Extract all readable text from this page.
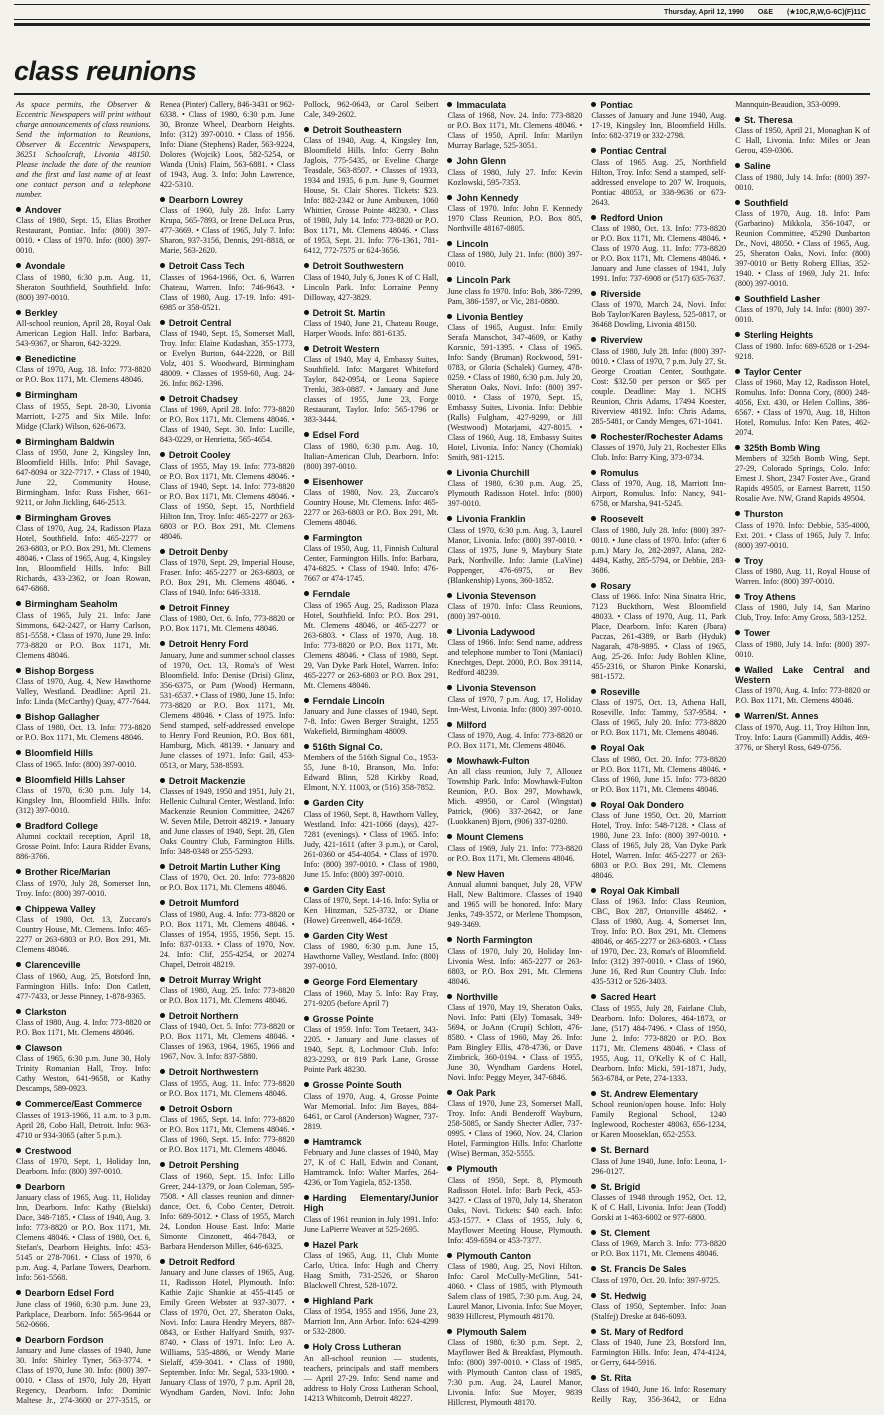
Thursday, April 12, 1990 O&E (★10C,R,W,G-6C)(F)11C
class reunions

As space permits, the Observer & Eccentric Newspapers will print without charge announcements of class reunions. Send the information to Reunions, Observer & Eccentric Newspapers, 36251 Schoolcraft, Livonia 48150. Please include the date of the reunion and the first and last name of at least one contact person and a telephone number.

Andover

Class of 1980, Sept. 15, Elias Brother Restaurant, Pontiac. Info: (800) 397-0010. • Class of 1970. Info: (800) 397-0010.

Avondale

Class of 1980, 6:30 p.m. Aug. 11, Sheraton Southfield, Southfield. Info: (800) 397-0010.

Berkley

All-school reunion, April 28, Royal Oak American Legion Hall. Info: Barbara, 543-9367, or Sharon, 642-3229.

Benedictine

Class of 1970, Aug. 18. Info: 773-8820 or P.O. Box 1171, Mt. Clemens 48046.

Birmingham

Class of 1955, Sept. 28-30, Livonia Marriott, I-275 and Six Mile. Info: Midge (Clark) Wilson, 626-0673.

Birmingham Baldwin

Class of 1950, June 2, Kingsley Inn, Bloomfield Hills. Info: Phil Savage, 647-8094 or 322-7717. • Class of 1940, June 22, Community House, Birmingham. Info: Russ Fisher, 661-9211, or John Jickling, 646-2513.

Birmingham Groves

Class of 1970, Aug. 24, Radisson Plaza Hotel, Southfield. Info: 465-2277 or 263-6803, or P.O. Box 291, Mt. Clemens 48046. • Class of 1965, Aug. 4, Kingsley Inn, Bloomfield Hills. Info: Bill Richards, 433-2362, or Joan Rowan, 647-6868.

Birmingham Seaholm

Class of 1965, July 21. Info: Jane Simmons, 642-2427, or Harry Carlson, 851-5558. • Class of 1970, June 29. Info: 773-8820 or P.O. Box 1171, Mt. Clemens 48046.

Bishop Borgess

Class of 1970, Aug. 4, New Hawthorne Valley, Westland. Deadline: April 21. Info: Linda (McCarthy) Quay, 477-7644.

Bishop Gallagher

Class of 1980, Oct. 13. Info: 773-8820 or P.O. Box 1171, Mt. Clemens 48046.

Bloomfield Hills

Class of 1965. Info: (800) 397-0010.

Bloomfield Hills Lahser

Class of 1970, 6:30 p.m. July 14, Kingsley Inn, Bloomfield Hills. Info: (312) 397-0010.

Bradford College

Alumni cocktail reception, April 18, Grosse Point. Info: Laura Ridder Evans, 886-3766.

Brother Rice/Marian

Class of 1970, July 28, Somerset Inn, Troy. Info: (800) 397-0010.

Chippewa Valley

Class of 1980, Oct. 13, Zuccaro's Country House, Mt. Clemens. Info: 465-2277 or 263-6803 or P.O. Box 291, Mt. Clemens 48046.

Clarenceville

Class of 1960, Aug. 25, Botsford Inn, Farmington Hills. Info: Don Catlett, 477-7433, or Jesse Pinney, 1-878-9365.

Clarkston

Class of 1980, Aug. 4. Info: 773-8820 or P.O. Box 1171, Mt. Clemens 48046.

Clawson

Class of 1965, 6:30 p.m. June 30, Holy Trinity Romanian Hall, Troy. Info: Cathy Weston, 641-9658, or Kathy Descamps, 589-0923.

Commerce/East Commerce

Classes of 1913-1966, 11 a.m. to 3 p.m. April 28, Cobo Hall, Detroit. Info: 963-4710 or 934-3065 (after 5 p.m.).

Crestwood

Class of 1970, Sept. 1, Holiday Inn, Dearborn. Info: (800) 397-0010.

Dearborn

January class of 1965, Aug. 11, Holiday Inn, Dearborn. Info: Kathy (Bielski) Dace, 348-7185. • Class of 1940, Aug. 3. Info: 773-8820 or P.O. Box 1171, Mt. Clemens 48046. • Class of 1980, Oct. 6, Stefan's, Dearborn Heights. Info: 453-5145 or 278-7061. • Class of 1970, 6 p.m. Aug. 4, Parlane Towers, Dearborn. Info: 561-5568.

Dearborn Edsel Ford

June class of 1960, 6:30 p.m. June 23, Parkplace, Dearborn. Info: 565-9644 or 562-0666.

Dearborn Fordson

January and June classes of 1940, June 30. Info: Shirley Tyner, 563-3774. • Class of 1970, June 30. Info: (800) 397-0010. • Class of 1970, July 28, Hyatt Regency, Dearborn. Info: Dominic Maltese Jr., 274-3600 or 277-3515, or Renea (Pinter) Callery, 846-3431 or 962-6338. • Class of 1980, 6:30 p.m. June 30, Bronze Wheel, Dearborn Heights. Info: (312) 397-0010. • Class of 1956. Info: Diane (Stephens) Rader, 563-9224, Dolores (Wojcik) Loos, 582-5254, or Wanda (Unis) Flaim, 563-6881. • Class of 1943, Aug. 3. Info: John Lawrence, 422-5310.

Dearborn Lowrey

Class of 1960, July 28. Info: Larry Krupa, 565-7893, or Irene DeLuca Prus, 477-3669. • Class of 1965, July 7. Info: Sharon, 937-3156, Dennis, 291-8818, or Marie, 563-2620.

Detroit Cass Tech

Classes of 1964-1966, Oct. 6, Warren Chateau, Warren. Info: 746-9643. • Class of 1980, Aug. 17-19. Info: 491-6985 or 358-0521.

Detroit Central

Class of 1940, Sept. 15, Somerset Mall, Troy. Info: Elaine Kudashan, 355-1773, or Evelyn Burton, 644-2228, or Bill Volz, 401 S. Woodward, Birmingham 48009. • Classes of 1959-60, Aug. 24-26. Info: 862-1396.

Detroit Chadsey

Class of 1969, April 28. Info: 773-8820 or P.O. Box 1171, Mt. Clemens 48046. • Class of 1940, Sept. 30. Info: Lucille, 843-0229, or Henrietta, 565-4654.

Detroit Cooley

Class of 1955, May 19. Info: 773-8820 or P.O. Box 1171, Mt. Clemens 48046. • Class of 1940, Sept. 14. Info: 773-8820 or P.O. Box 1171, Mt. Clemens 48046. • Class of 1950, Sept. 15, Northfield Hilton Inn, Troy. Info: 465-2277 or 263-6803 or P.O. Box 291, Mt. Clemens 48046.

Detroit Denby

Class of 1970, Sept. 29, Imperial House, Fraser. Info: 465-2277 or 263-6803, or P.O. Box 291, Mt. Clemens 48046. • Class of 1940. Info: 646-3318.

Detroit Finney

Class of 1980, Oct. 6. Info, 773-8820 or P.O. Box 1171, Mt. Clemens 48046.

Detroit Henry Ford

January, June and summer school classes of 1970, Oct. 13, Roma's of West Bloomfield. Info: Denise (Drisi) Glinz, 356-6375, or Pam (Wood) Hermann, 531-6537. • Class of 1980, June 15. Info: 773-8820 or P.O. Box 1171, Mt. Clemens 48046. • Class of 1975. Info: Send stamped, self-addressed envelope to Henry Ford Reunion, P.O. Box 681, Hamburg, Mich. 48139. • January and June classes of 1971. Info: Gail, 453-0513, or Mary, 538-8593.

Detroit Mackenzie

Classes of 1949, 1950 and 1951, July 21, Hellenic Cultural Center, Westland. Info: Mackenzie Reunion Committee, 24267 W. Seven Mile, Detroit 48219. • January and June classes of 1940, Sept. 28, Glen Oaks Country Club, Farmington Hills. Info: 348-0348 or 255-5293.

Detroit Martin Luther King

Class of 1970, Oct. 20. Info: 773-8820 or P.O. Box 1171, Mt. Clemens 48046.

Detroit Mumford

Class of 1980, Aug. 4. Info: 773-8820 or P.O. Box 1171, Mt. Clemens 48046. • Classes of 1954, 1955, 1956, Sept. 15. Info: 837-0133. • Class of 1970, Nov. 24. Info: Clif, 255-4254, or 20274 Chapel, Detroit 48219.

Detroit Murray Wright

Class of 1980, Aug. 25. Info: 773-8820 or P.O. Box 1171, Mt. Clemens 48046.

Detroit Northern

Class of 1940, Oct. 5. Info: 773-8820 or P.O. Box 1171, Mt. Clemens 48046. • Classes of 1963, 1964, 1965, 1966 and 1967, Nov. 3. Info: 837-5880.

Detroit Northwestern

Class of 1955, Aug. 11. Info: 773-8820 or P.O. Box 1171, Mt. Clemens 48046.

Detroit Osborn

Class of 1965, Sept. 14. Info: 773-8820 or P.O. Box 1171, Mt. Clemens 48046. • Class of 1960, Sept. 15. Info: 773-8820 or P.O. Box 1171, Mt. Clemens 48046.

Detroit Pershing

Class of 1960, Sept. 15. Info: Lillo Greer, 244-1379, or Joan Coleman, 595-7508. • All classes reunion and dinner-dance, Oct. 6, Cobo Center, Detroit. Info: 689-5012. • Class of 1955, March 24, London House East. Info: Marie Simonte Cinzonett, 464-7843, or Barbara Henderson Miller, 646-6325.

Detroit Redford

January and June classes of 1965, Aug. 11, Radisson Hotel, Plymouth. Info: Kathie Zajic Shankie at 455-4145 or Emily Green Webster at 937-3077. • Class of 1970, Oct. 27, Sheraton Oaks, Novi. Info: Laura Hendry Meyers, 887-0843, or Esther Halfyard Smith, 937-8740. • Class of 1971. Info: Leo A. Williams, 535-4886, or Wendy Marie Sielaff, 459-3041. • Class of 1980, September. Info: Mr. Segal, 533-1900. • January Class of 1970, 7 p.m. April 28, Wyndham Garden, Novi. Info: John Pollock, 962-0643, or Carol Seibert Cale, 349-2602.

Detroit Southeastern

Class of 1940, Aug. 4, Kingsley Inn, Bloomfield Hills. Info: Gerry Bohn Jaglois, 775-5435, or Eveline Charge Teasdale, 563-8507. • Classes of 1933, 1934 and 1935, 6 p.m. June 9, Gourmet House, St. Clair Shores. Tickets: $23. Info: 882-2342 or June Ambuxen, 1060 Whittier, Grosse Pointe 48230. • Class of 1980, July 14. Info: 773-8820 or P.O. Box 1171, Mt. Clemens 48046. • Class of 1953, Sept. 21. Info: 776-1361, 781-6412, 772-7575 or 624-3656.

Detroit Southwestern

Class of 1940, July 6, Jones K of C Hall, Lincoln Park. Info: Lorraine Penny Dilloway, 427-3829.

Detroit St. Martin

Class of 1940, June 21, Chateau Rouge, Harper Woods. Info: 881-6135.

Detroit Western

Class of 1940, May 4, Embassy Suites, Southfield. Info: Margaret Whiteford Taylor, 842-0954, or Leona Sapiece Trenki, 383-0887. • January and June classes of 1955, June 23, Forge Restaurant, Taylor. Info: 565-1796 or 383-3444.

Edsel Ford

Class of 1980, 6:30 p.m. Aug. 10, Italian-American Club, Dearborn. Info: (800) 397-0010.

Eisenhower

Class of 1980, Nov. 23, Zuccaro's Country House, Mt. Clemens. Info: 465-2277 or 263-6803 or P.O. Box 291, Mt. Clemens 48046.

Farmington

Class of 1950, Aug. 11, Finnish Cultural Center, Farmington Hills. Info: Barbara, 474-6825. • Class of 1940. Info: 476-7667 or 474-1745.

Ferndale

Class of 1965 Aug. 25, Radisson Plaza Hotel, Southfield. Info: P.O. Box 291, Mt. Clemens 48046, or 465-2277 or 263-6803. • Class of 1970, Aug. 18. Info: 773-8820 or P.O. Box 1171, Mt. Clemens 48046. • Class of 1980, Sept. 29, Van Dyke Park Hotel, Warren. Info: 465-2277 or 263-6803 or P.O. Box 291, Mt. Clemens 48046.

Ferndale Lincoln

January and June classes of 1940, Sept. 7-8. Info: Gwen Berger Straight, 1255 Wakefield, Birmingham 48009.

516th Signal Co.

Members of the 516th Signal Co., 1953-55, June 8-10, Branson, Mo. Info: Edward Blinn, 528 Kirkby Road, Elmont, N.Y. 11003, or (516) 358-7852.

Garden City

Class of 1960, Sept. 8, Hawthorn Valley, Westland. Info: 421-1066 (days), 427-7281 (evenings). • Class of 1965. Info: Judy, 421-1611 (after 3 p.m.), or Carol, 261-0360 or 454-4054. • Class of 1970. Info: (800) 397-0010. • Class of 1980, June 15. Info: (800) 397-0010.

Garden City East

Class of 1970, Sept. 14-16. Info: Sylia or Ken Hinzman, 525-3732, or Diane (Howe) Greenwell, 464-1659.

Garden City West

Class of 1980, 6:30 p.m. June 15, Hawthorne Valley, Westland. Info: (800) 397-0010.

George Ford Elementary

Class of 1960, May 5. Info: Ray Fray, 271-9205 (before April 7)

Grosse Pointe

Class of 1959. Info: Tom Teetaert, 343-2205. • January and June classes of 1940, Sept. 8, Lochmoor Club. Info: 823-2293, or 819 Park Lane, Grosse Pointe Park 48230.

Grosse Pointe South

Class of 1970, Aug. 4, Grosse Pointe War Memorial. Info: Jim Bayes, 884-6461, or Carol (Anderson) Wagner, 737-2819.

Hamtramck

February and June classes of 1940, May 27, K of C Hall, Edwin and Conant, Hamtramck. Info: Walter Marfes, 264-4236, or Tom Yagiela, 852-1358.

Harding Elementary/Junior High

Class of 1961 reunion in July 1991. Info: June LaPierre Weaver at 525-2695.

Hazel Park

Class of 1965, Aug. 11, Club Monte Carlo, Utica. Info: Hugh and Cherry Haag Smith, 731-2526, or Sharon Blackwell Chrest, 528-1072.

Highland Park

Class of 1954, 1955 and 1956, June 23, Marriott Inn, Ann Arbor. Info: 624-4299 or 532-2800.

Holy Cross Lutheran

An all-school reunion — students, teachers, principals and staff members — April 27-29. Info: Send name and address to Holy Cross Lutheran School, 14213 Whitcomb, Detroit 48227.

Immaculata

Class of 1968, Nov. 24. Info: 773-8820 or P.O. Box 1171, Mt. Clemens 48046. • Class of 1950, April. Info: Marilyn Murray Barlage, 525-3051.

John Glenn

Class of 1980, July 27. Info: Kevin Kozlowski, 595-7353.

John Kennedy

Class of 1970. Info: John F. Kennedy 1970 Class Reunion, P.O. Box 805, Northville 48167-0805.

Lincoln

Class of 1980, July 21. Info: (800) 397-0010.

Lincoln Park

June class fo 1970. Info: Bob, 386-7299, Pam, 386-1597, or Vic, 281-0880.

Livonia Bentley

Class of 1965, August. Info: Emily Serafa Manschot, 347-4609, or Kathy Korsnic, 591-1395. • Class of 1965. Info: Sandy (Bruman) Rockwood, 591-0783, or Gloria (Schalek) Gurney, 478-0259. • Class of 1980, 6:30 p.m. July 20, Sheraton Oaks, Novi. Info: (800) 397-0010. • Class of 1970, Sept. 15, Embassy Suites, Livonia. Info: Debbie (Ralls) Fulgham, 427-9299, or Jill (Westwood) Motarjami, 427-8015. • Class of 1960, Aug. 18, Embassy Suites Hotel, Livonia. Info: Nancy (Chomiak) Smith, 981-1215.

Livonia Churchill

Class of 1980, 6:30 p.m. Aug. 25, Plymouth Radisson Hotel. Info: (800) 397-0010.

Livonia Franklin

Class of 1970, 6:30 p.m. Aug. 3, Laurel Manor, Livonia. Info: (800) 397-0010. • Class of 1975, June 9, Maybury State Park, Northville. Info: Jamie (LaVine) Poppenger, 476-6975, or Bev (Blankenship) Lyons, 360-1852.

Livonia Stevenson

Class of 1970. Info: Class Reunions, (800) 397-0010.

Livonia Ladywood

Class of 1966. Info: Send name, address and telephone number to Toni (Maniaci) Knechtges, Dept. 2000, P.O. Box 39114, Redford 48239.

Livonia Stevenson

Class of 1970, 7 p.m. Aug. 17, Holiday Inn-West, Livonia. Info: (800) 397-0010.

Milford

Class of 1970, Aug. 4. Info: 773-8820 or P.O. Box 1171, Mt. Clemens 48046.

Mowhawk-Fulton

An all class reunion, July 7, Allouez Township Park. Info: Mowhawk-Fulton Reunion, P.O. Box 297, Mowhawk, Mich. 49950, or Carol (Wingstat) Patrick, (906) 337-2642, or Jane (Luokkanen) Bjorn, (906) 337-0280.

Mount Clemens

Class of 1969, July 21. Info: 773-8820 or P.O. Box 1171, Mt. Clemens 48046.

New Haven

Annual alumni banquet, July 28, VFW Hall, New Baltimore. Classes of 1940 and 1965 will be honored. Info: Mary Jenks, 749-3572, or Merlene Thompson, 949-3469.

North Farmington

Class of 1970, July 20, Holiday Inn-Livonia West. Info: 465-2277 or 263-6803, or P.O. Box 291, Mt. Clemens 48046.

Northville

Class of 1970, May 19, Sheraton Oaks, Novi. Info: Patti (Ely) Tomasak, 349-5694, or JoAnn (Crupi) Schlott, 476-8580. • Class of 1960, May 26. Info: Pam Bingley Ellis, 478-4736, or Dave Zimbrick, 360-0194. • Class of 1955, June 30, Wyndham Gardens Hotel, Novi. Info: Peggy Meyer, 347-6846.

Oak Park

Class of 1970, June 23, Somerset Mall, Troy. Info: Andi Benderoff Wayburn, 258-5085, or Sandy Shecter Adler, 737-0995. • Class of 1960, Nov. 24, Clarion Hotel, Farmington Hills. Info: Charlotte (Wise) Berman, 352-5555.

Plymouth

Class of 1950, Sept. 8, Plymouth Radisson Hotel. Info: Barb Peck, 453-3427. • Class of 1970, July 14, Sheraton Oaks, Novi. Tickets: $40 each. Info: 453-1577. • Class of 1955, July 6, Mayflower Meeting House, Plymouth. Info: 459-6594 or 453-7377.

Plymouth Canton

Class of 1980, Aug. 25, Novi Hilton. Info: Carol McCully-McGlinn, 541-4060. • Class of 1985, with Plymouth Salem class of 1985, 7:30 p.m. Aug. 24, Laurel Manor, Livonia. Info: Sue Moyer, 9839 Hillcrest, Plymouth 48170.

Plymouth Salem

Class of 1980, 6:30 p.m. Sept. 2, Mayflower Bed & Breakfast, Plymouth. Info: (800) 397-0010. • Class of 1985, with Plymouth Canton class of 1985, 7:30 p.m. Aug. 24, Laurel Manor, Livonia. Info: Sue Moyer, 9839 Hillcrest, Plymouth 48170.

Pontiac

Classes of January and June 1940, Aug. 17-19, Kingsley Inn, Bloomfield Hills. Info: 682-3719 or 332-2798.

Pontiac Central

Class of 1965 Aug. 25, Northfield Hilton, Troy. Info: Send a stamped, self-addressed envelope to 207 W. Iroquois, Pontiac 48053, or 338-9636 or 673-2643.

Redford Union

Class of 1980, Oct. 13. Info: 773-8820 or P.O. Box 1171, Mt. Clemens 48046. • Class of 1970 Aug. 11. Info: 773-8820 or P.O. Box 1171, Mt. Clemens 48046. • January and June classes of 1941, July 1991. Info: 737-6908 or (517) 635-7637.

Riverside

Class of 1970, March 24, Novi. Info: Bob Taylor/Karen Bayless, 525-0817, or 36468 Dowling, Livonia 48150.

Riverview

Class of 1980, July 28. Info: (800) 397-0010. • Class of 1970, 7 p.m. July 27, St. George Croatian Center, Southgate. Cost: $32.50 per person or $65 per couple. Deadline: May 1. NCHS Reunion, Chris Adams, 17494 Koester, Riverview 48192. Info: Chris Adams, 285-5481, or Candy Menges, 671-1041.

Rochester/Rochester Adams

Classes of 1970, July 21, Rochester Elks Club. Info: Barry King, 373-0734.

Romulus

Class of 1970, Aug. 18, Marriott Inn-Airport, Romulus. Info: Nancy, 941-6758, or Marsha, 941-5245.

Roosevelt

Class of 1980, July 28. Info: (800) 397-0010. • June class of 1970. Info: (after 6 p.m.) Mary Jo, 282-2897, Alana, 282-4494, Kathy, 285-5794, or Debbie, 283-3686.

Rosary

Class of 1966. Info: Nina Sinatra Hric, 7123 Buckthorn, West Bloomfield 48033. • Class of 1970, Aug. 11, Park Place, Dearborn. Info: Karen (Jbara) Paczas, 261-4389, or Barb (Hyduk) Nagarah, 478-9895. • Class of 1965, Aug. 25-26. Info: Judy Bohlen Kline, 455-2316, or Sharon Pinke Konarski, 981-1572.

Roseville

Class of 1975, Oct. 13, Athena Hall, Roseville. Info: Tammy, 537-9584. • Class of 1965, July 20. Info: 773-8820 or P.O. Box 1171, Mt. Clemens 48046.

Royal Oak

Class of 1980, Oct. 20. Info: 773-8820 or P.O. Box 1171, Mt. Clemens 48046. • Class of 1960, June 15. Info: 773-8820 or P.O. Box 1171, Mt. Clemens 48046.

Royal Oak Dondero

Class of June 1950, Oct. 20, Marriott Hotel, Troy. Info: 548-7128. • Class of 1980, June 23. Info: (800) 397-0010. • Class of 1965, July 28, Van Dyke Park Hotel, Warren. Info: 465-2277 or 263-6803 or P.O. Box 291, Mt. Clemens 48046.

Royal Oak Kimball

Class of 1963. Info: Class Reunion, CBC, Box 287, Ortonville 48462. • Class of 1980, Aug. 4, Somerset Inn, Troy. Info: P.O. Box 291, Mt. Clemens 48046, or 465-2277 or 263-6803. • Class of 1970, Dec. 23, Roma's of Bloomfield. Info: (312) 397-0010. • Class of 1960, June 16, Red Run Country Club. Info: 435-5312 or 526-3403.

Sacred Heart

Class of 1955, July 28, Fairlane Club, Dearborn. Info: Dolores, 464-1873, or Jane, (517) 484-7496. • Class of 1950, June 2. Info: 773-8820 or P.O. Box 1171, Mt. Clemens 48046. • Class of 1955, Aug. 11, O'Kelly K of C Hall, Dearborn. Info: Micki, 591-1871, Judy, 563-6784, or Pete, 274-1333.

St. Andrew Elementary

School reunion/open house. Info: Holy Family Regional School, 1240 Inglewood, Rochester 48063, 656-1234, or Karen Mooseklan, 652-2553.

St. Bernard

Class of June 1940, June. Info: Leona, 1-296-0127.

St. Brigid

Classes of 1948 through 1952, Oct. 12, K of C Hall, Livonia. Info: Jean (Todd) Gorski at 1-463-6002 or 977-6800.

St. Clement

Class of 1969, March 3. Info: 773-8820 or P.O. Box 1171, Mt. Clemens 48046.

St. Francis De Sales

Class of 1970, Oct. 20. Info: 397-9725.

St. Hedwig

Class of 1950, September. Info: Joan (Stalfej) Dreske at 846-6093.

St. Mary of Redford

Class of 1940, June 23, Botsford Inn, Farmington Hills. Info: Jean, 474-4124, or Gerry, 644-5916.

St. Rita

Class of 1940, June 16. Info: Rosemary Reilly Ray, 356-3642, or Edna Mannquin-Beaudion, 353-0099.

St. Theresa

Class of 1950, April 21, Monaghan K of C Hall, Livonia. Info: Miles or Jean Gerou, 459-0306.

Saline

Class of 1980, July 14. Info: (800) 397-0010.

Southfield

Class of 1970, Aug. 18. Info: Pam (Garbarino) Mikkola, 356-1047, or Reunion Committee, 45290 Dunbarton Dr., Novi, 48050. • Class of 1965, Aug. 25, Sheraton Oaks, Novi. Info: (800) 397-0010 or Betty Roberg Ellias, 352-1940. • Class of 1969, July 21. Info: (800) 397-0010.

Southfield Lasher

Class of 1970, July 14. Info: (800) 397-0010.

Sterling Heights

Class of 1980. Info: 689-6528 or 1-294-9218.

Taylor Center

Class of 1960, May 12, Radisson Hotel, Romulus. Info: Donna Cory, (800) 248-4056, Ext. 430, or Helen Collins, 386-6567. • Class of 1970, Aug. 18, Hilton Hotel, Romulus. Info: Ken Pates, 462-2074.

325th Bomb Wing

Members of 325th Bomb Wing, Sept. 27-29, Colorado Springs, Colo. Info: Ernest J. Short, 2347 Foster Ave., Grand Rapids 49505, or Earnest Barrett, 1150 Rosalie Ave. NW, Grand Rapids 49504.

Thurston

Class of 1970. Info: Debbie, 535-4000, Ext. 201. • Class of 1965, July 7. Info: (800) 397-0010.

Troy

Class of 1980, Aug. 11, Royal House of Warren. Info: (800) 397-0010.

Troy Athens

Class of 1980, July 14, San Marino Club, Troy. Info: Amy Gross, 583-1252.

Tower

Class of 1980, July 14. Info: (800) 397-0010.

Walled Lake Central and Western

Class of 1970, Aug. 4. Info: 773-8820 or P.O. Box 1171, Mt. Clemens 48046.

Warren/St. Annes

Class of 1970, Aug. 11, Troy Hilton Inn, Troy. Info: Laura (Gammill) Addis, 469-3776, or Sheryl Ross, 649-0756.
